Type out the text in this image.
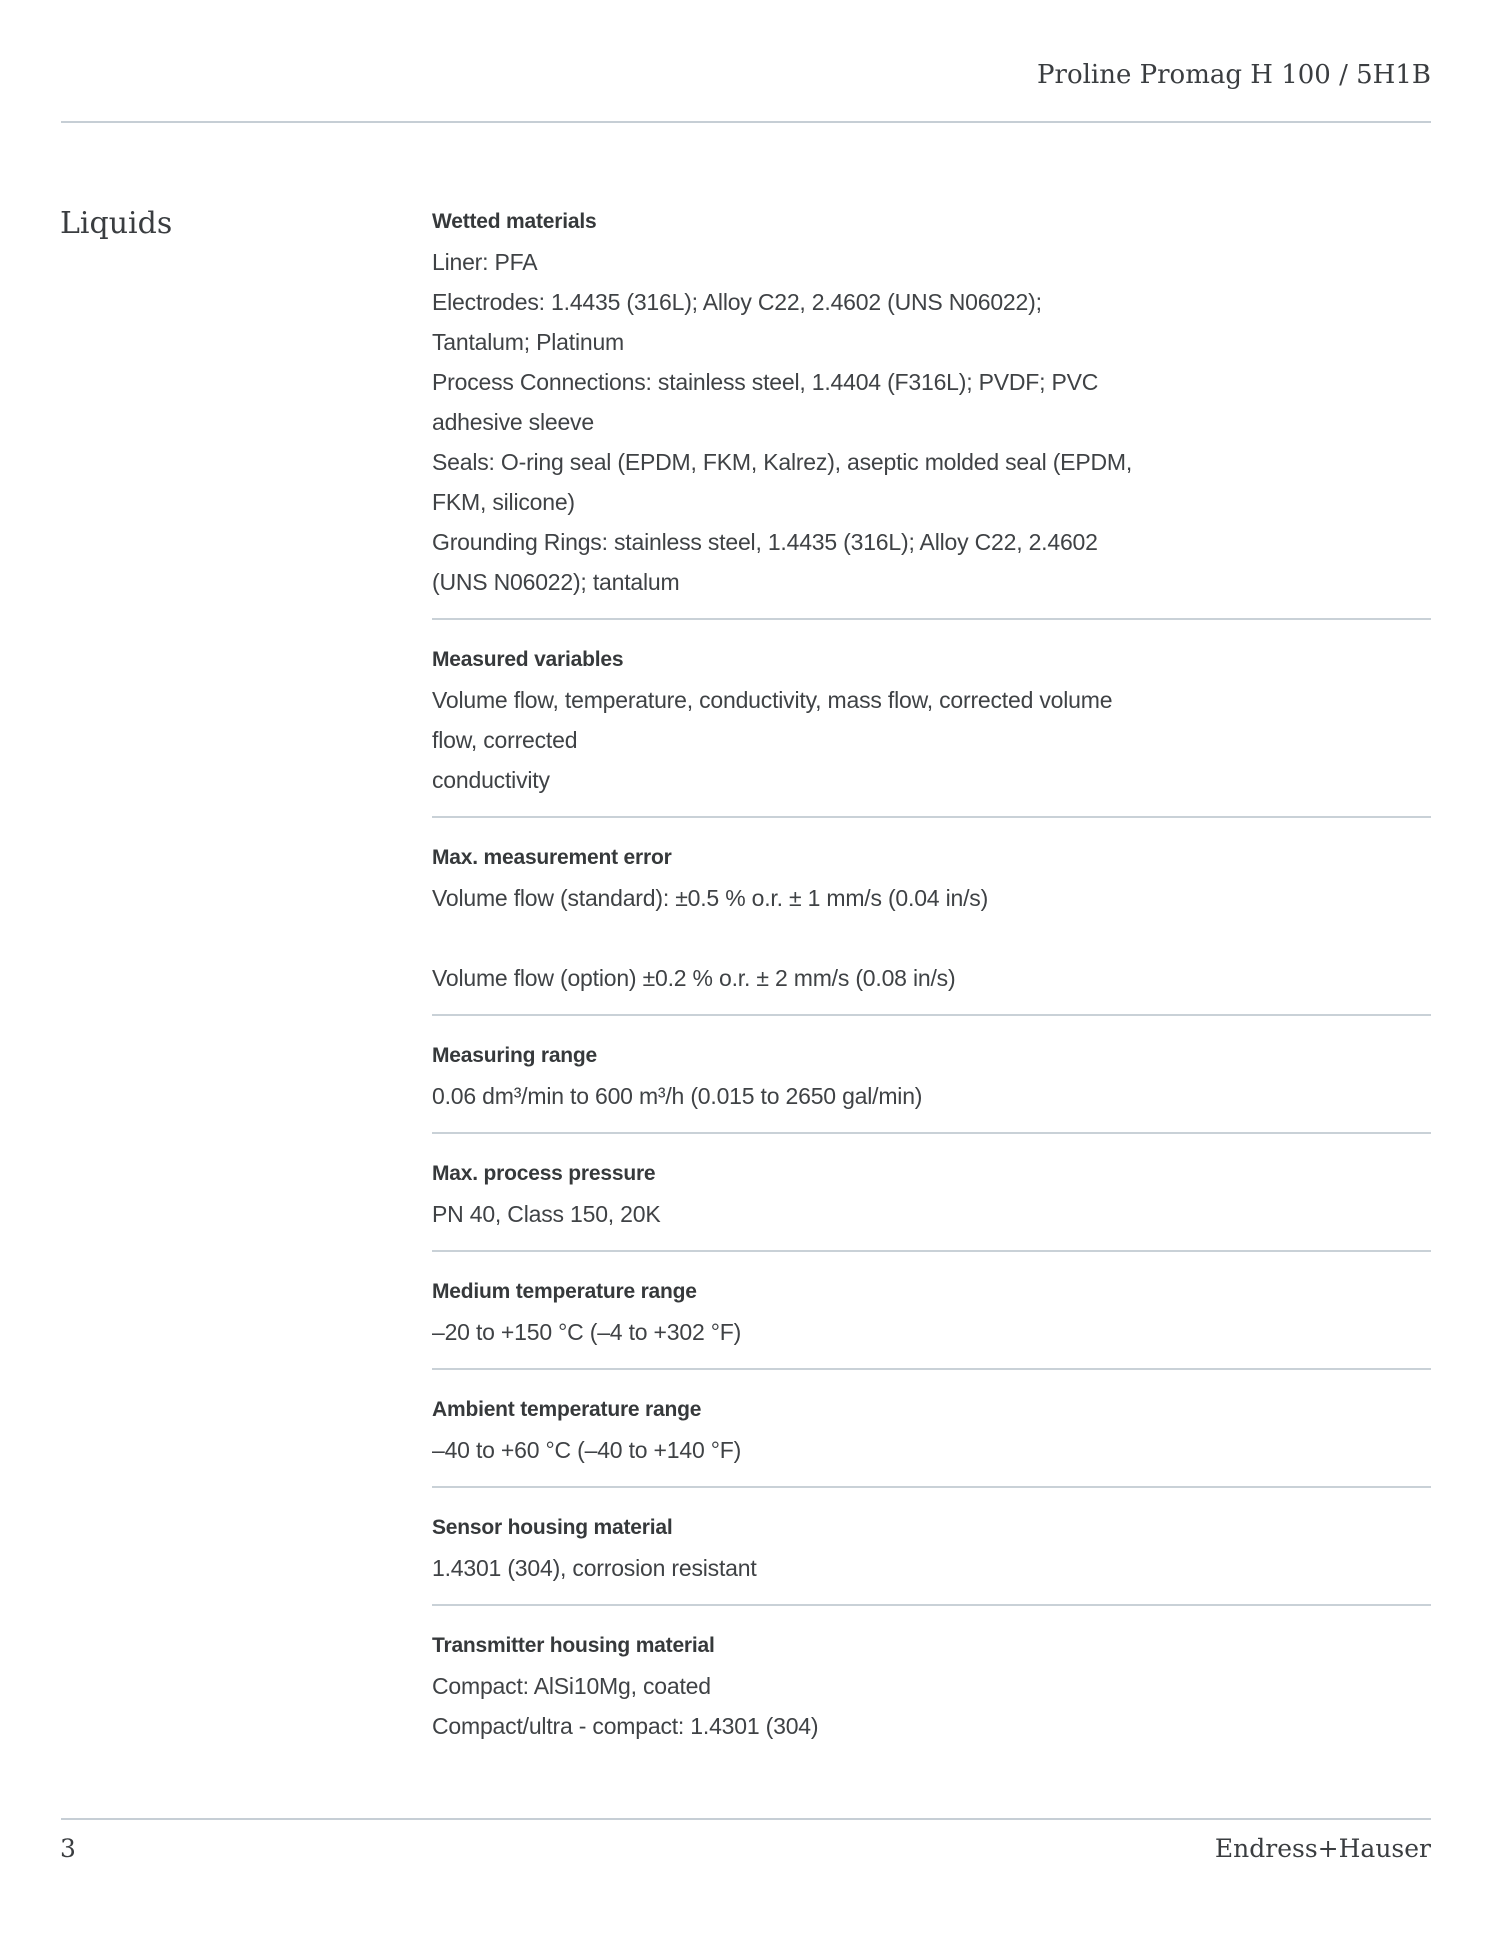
Proline Promag H 100 / 5H1B
Liquids	Wetted materials
Liner: PFA
Electrodes: 1.4435 (316L); Alloy C22, 2.4602 (UNS N06022);
Tantalum; Platinum
Process Connections: stainless steel, 1.4404 (F316L); PVDF; PVC
adhesive sleeve
Seals: O-ring seal (EPDM, FKM, Kalrez), aseptic molded seal (EPDM,
FKM, silicone)
Grounding Rings: stainless steel, 1.4435 (316L); Alloy C22, 2.4602
(UNS N06022); tantalum
Measured variables
Volume flow, temperature, conductivity, mass flow, corrected volume
flow, corrected
conductivity
Max. measurement error
Volume flow (standard): ±0.5 % o.r. ± 1 mm/s (0.04 in/s)
Volume flow (option) ±0.2 % o.r. ± 2 mm/s (0.08 in/s)
Measuring range
0.06 dm³/min to 600 m³/h (0.015 to 2650 gal/min)
Max. process pressure
PN 40, Class 150, 20K
Medium temperature range
–20 to +150 °C (–4 to +302 °F)
Ambient temperature range
–40 to +60 °C (–40 to +140 °F)
Sensor housing material
1.4301 (304), corrosion resistant
Transmitter housing material
Compact: AlSi10Mg, coated
Compact/ultra - compact: 1.4301 (304)
3	Endress+Hauser
